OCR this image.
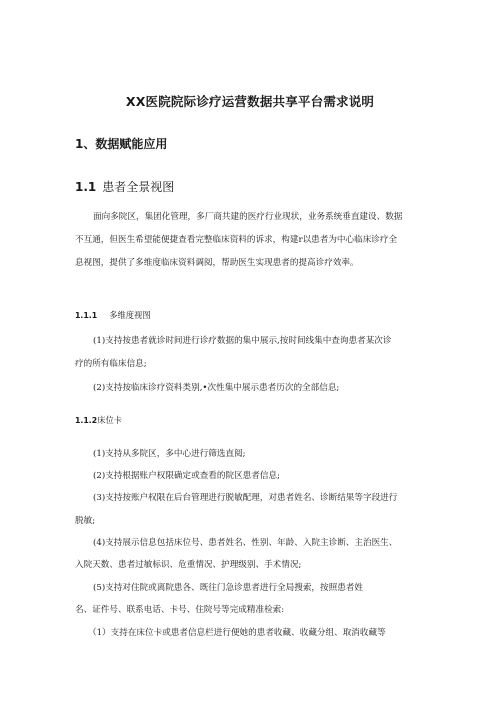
XX医院院际诊疗运营数据共享平台需求说明
1、数据赋能应用
1.1 患者全景视图
面向多院区，集团化管理，多厂商共建的医疗行业现状，业务系统垂直建设、数据
不互通，但医生希望能便捷查看完整临床资料的诉求，构建r以患者为中心临床诊疗全
息视图，提供了多维度临床资料调阅，帮助医生实现患者的提高诊疗效率。
1.1.1 多维度视图
(1)支持按患者就诊时间进行诊疗数据的集中展示,按时间线集中查询患者某次诊
疗的所有临床信息;
(2)支持按临床诊疗资料类别,•次性集中展示患者历次的全部信息;
1.1.2床位卡
(1)支持从多院区，多中心进行筛选直阅;
(2)支持根据账户权限确定或查看的院区患者信息;
(3)支持按账户权限在后台管理进行脱敏配理，对患者姓名、诊断结果等字段进行
脱敏;
(4)支持展示信息包括床位号、患者姓名、性别、年龄、入院主诊断、主治医生、
入院天数、患者过敏标识、危重情况、护理级别、手术情况;
(5)支持对住院或离院患各、既往门急诊患者进行全局搜索，按照患者姓
名、证件号、联系电话、卡号、住院号等完成精准检索:
（1）支持在床位卡或患者信息栏进行便她的患者收藏、收藏分组、取消收藏等
